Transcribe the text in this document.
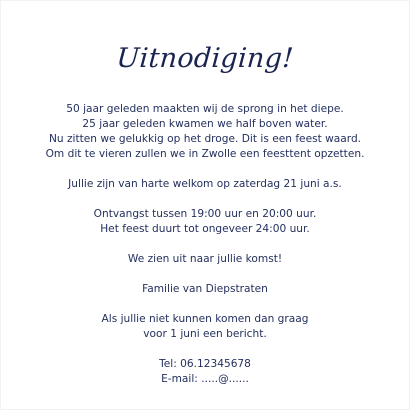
Uitnodiging!
50 jaar geleden maakten wij de sprong in het diepe.
25 jaar geleden kwamen we half boven water.
Nu zitten we gelukkig op het droge. Dit is een feest waard.
Om dit te vieren zullen we in Zwolle een feesttent opzetten.
Jullie zijn van harte welkom op zaterdag 21 juni a.s.
Ontvangst tussen 19:00 uur en 20:00 uur.
Het feest duurt tot ongeveer 24:00 uur.
We zien uit naar jullie komst!
Familie van Diepstraten
Als jullie niet kunnen komen dan graag
voor 1 juni een bericht.
Tel: 06.12345678
E-mail: .....@......
